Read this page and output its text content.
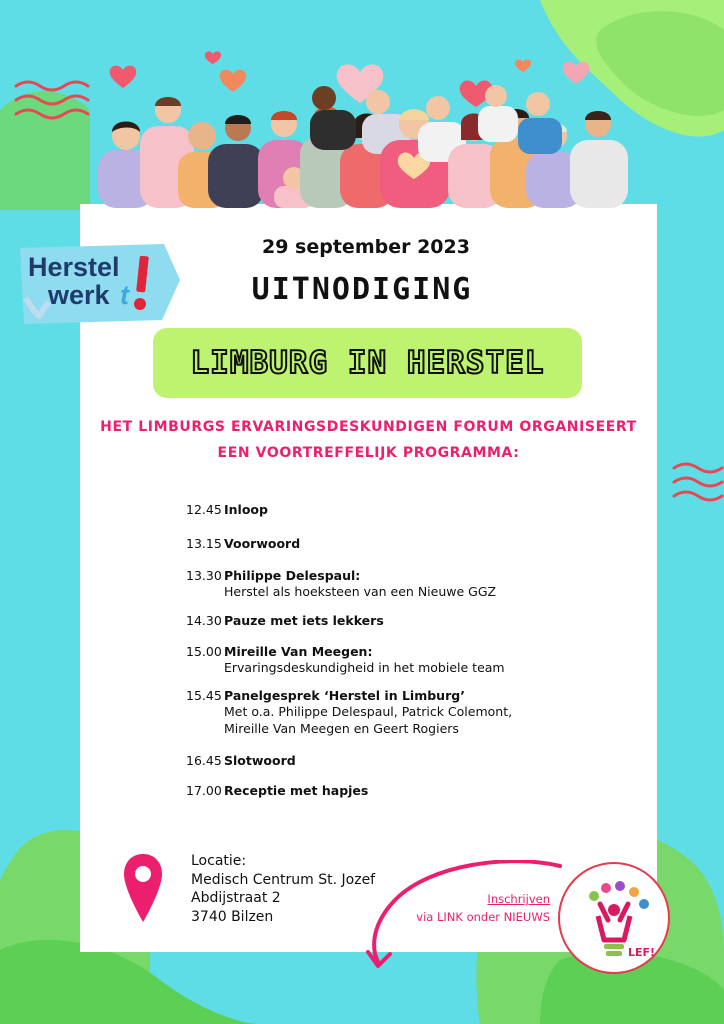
Herstel
werk t
29 september 2023
UITNODIGING
LIMBURG IN HERSTEL
HET LIMBURGS ERVARINGSDESKUNDIGEN FORUM ORGANISEERT
EEN VOORTREFFELIJK PROGRAMMA:
12.45 Inloop
13.15 Voorwoord
13.30 Philippe Delespaul:
Herstel als hoeksteen van een Nieuwe GGZ
14.30 Pauze met iets lekkers
15.00 Mireille Van Meegen:
Ervaringsdeskundigheid in het mobiele team
15.45 Panelgesprek ‘Herstel in Limburg’
Met o.a. Philippe Delespaul, Patrick Colemont,
Mireille Van Meegen en Geert Rogiers
16.45 Slotwoord
17.00 Receptie met hapjes
Locatie:
Medisch Centrum St. Jozef
Abdijstraat 2
3740 Bilzen
Inschrijven
via LINK onder NIEUWS
LEF!
